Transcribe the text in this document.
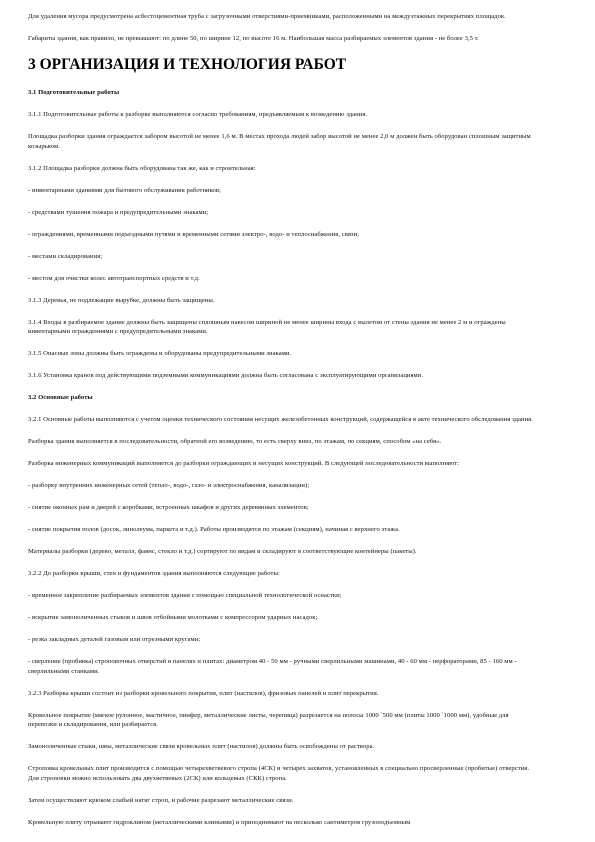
Для удаления мусора предусмотрена асбестоцементная труба с загрузочными отверстиями-приемниками, расположенными на междуэтажных перекрытиях площадок.

Габариты здания, как правило, не превышают: по длине 50, по ширине 12, по высоте 16 м. Наибольшая масса разбираемых элементов здания - не более 3,5 т.

3 ОРГАНИЗАЦИЯ И ТЕХНОЛОГИЯ РАБОТ

3.1 Подготовительные работы

3.1.1 Подготовительные работы к разборке выполняются согласно требованиям, предъявляемым к возведению здания.

Площадка разборки здания ограждается забором высотой не менее 1,6 м. В местах прохода людей забор высотой не менее 2,0 м должен быть оборудован сплошным защитным козырьком.

3.1.2 Площадка разборки должна быть оборудована так же, как и строительная:

- инвентарными зданиями для бытового обслуживания работников;

- средствами тушения пожара и предупредительными знаками;

- ограждениями, временными подъездными путями и временными сетями электро-, водо- и теплоснабжения, связи;

- местами складирования;

- местом для очистки колес автотранспортных средств и т.д.

3.1.3 Деревья, не подлежащие вырубке, должны быть защищены.

3.1.4 Входы в разбираемое здание должны быть защищены сплошным навесом шириной не менее ширины входа с вылетом от стены здания не менее 2 м и ограждены инвентарными ограждениями с предупредительными знаками.

3.1.5 Опасные зоны должны быть ограждены и оборудованы предупредительными знаками.

3.1.6 Установка кранов под действующими подземными коммуникациями должна быть согласована с эксплуатирующими организациями.

3.2 Основные работы

3.2.1 Основные работы выполняются с учетом оценки технического состояния несущих железобетонных конструкций, содержащейся в акте технического обследования здания.

Разборка здания выполняется в последовательности, обратной его возведению, то есть сверху вниз, по этажам, по секциям, способом «на себя».

Разборка инженерных коммуникаций выполняется до разборки ограждающих и несущих конструкций. В следующей последовательности выполняют:

- разборку внутренних инженерных сетей (тепло-, водо-, газо- и электроснабжения, канализации);

- снятие оконных рам и дверей с коробками, встроенных шкафов и других деревянных элементов;

- снятие покрытия полов (досок, линолеума, паркета и т.д.). Работы производятся по этажам (секциям), начиная с верхнего этажа.

Материалы разборки (дерево, металл, фаянс, стекло и т.д.) сортируют по видам и складируют в соответствующие контейнеры (пакеты).

3.2.2 До разборки крыши, стен и фундаментов здания выполняются следующие работы:

- временное закрепление разбираемых элементов здания с помощью специальной технологической оснастки;

- вскрытие замоноличенных стыков и швов отбойными молотками с компрессором ударных насадок;

- резка закладных деталей газовым или отрезными кругами;

- сверление (пробивка) строповочных отверстий в панелях и плитах: диаметром 40 - 50 мм - ручными сверлильными машинами, 40 - 60 мм - перфораторами, 85 - 160 мм - сверлильными станками.

3.2.3 Разборка крыши состоит из разборки кровельного покрытия, плит (настилов), фризовых панелей и плит перекрытия.

Кровельное покрытие (мягкое рулонное, мастичное, пинфер, металлические листы, черепица) разрезается на полосы 1000 `500 мм (плиты 1000 `1000 мм), удобные для перевозки и складирования, или разбирается.

Замоноличенные стыки, швы, металлические связи кровельных плит (настилов) должны быть освобождены от раствора.

Строповка кровельных плит производится с помощью четырехветвевого стропа (4СК) и четырех захватов, установленных в специально просверленные (пробитые) отверстия. Для строповки можно использовать два двухветвевых (2СК) или кольцевых (СКК) стропа.

Затем осуществляют крюком слабый натяг строп, и рабочие разрезают металлические связи.

Кровельную плиту отрывают гидроклином (металлическими клиньями) и приподнимают на несколько сантиметров грузоподъемным
